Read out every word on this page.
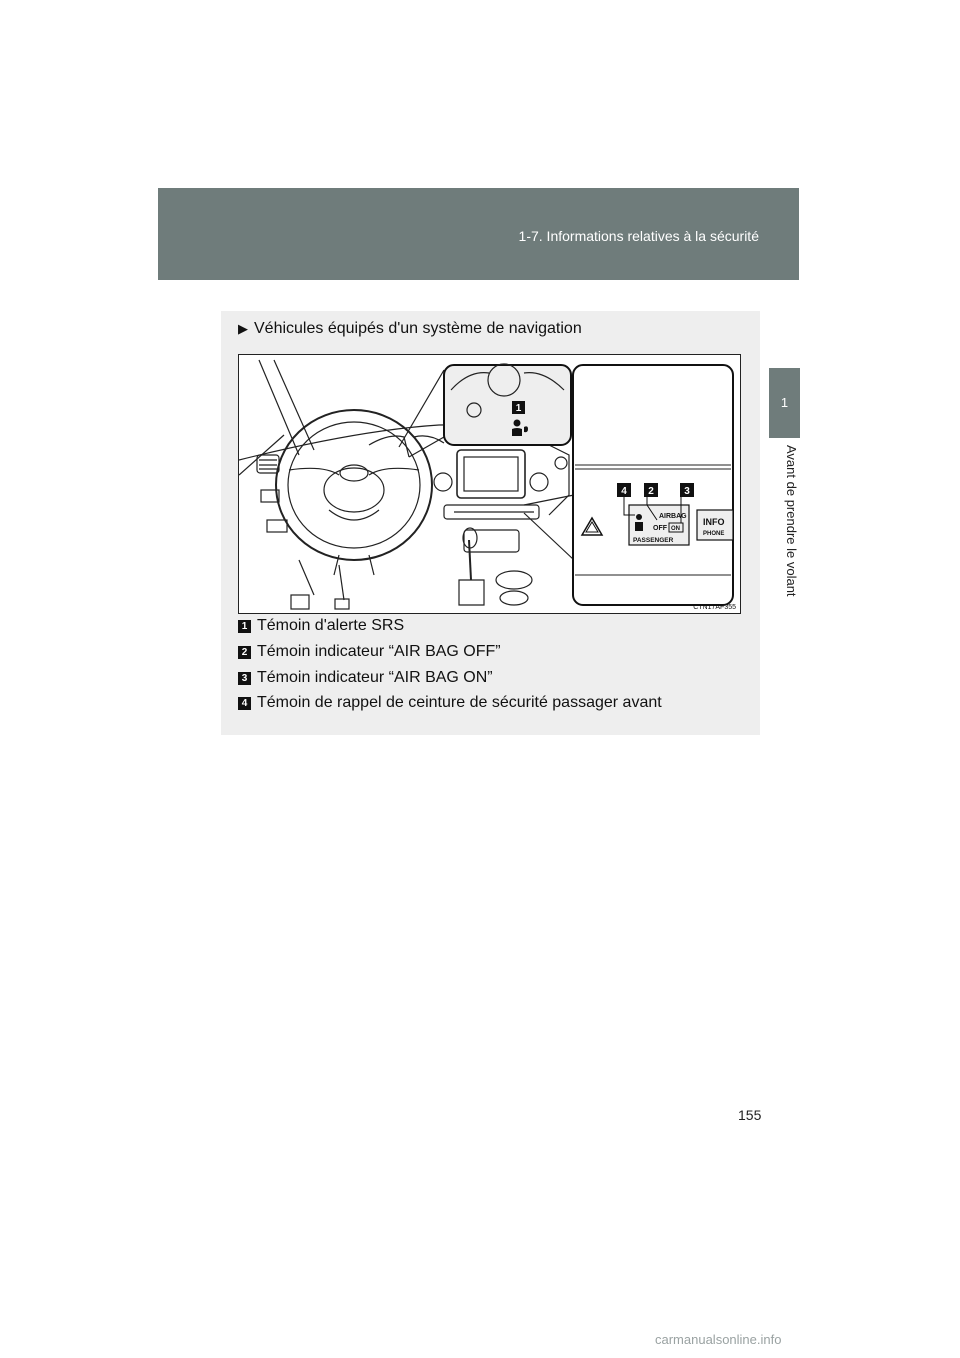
1-7. Informations relatives à la sécurité
1
Avant de prendre le volant
▶ Véhicules équipés d'un système de navigation
AIRBAG
OFF ON
PASSENGER
INFO
PHONE
1
4 2	3
CTN17AF355
1 Témoin d'alerte SRS
2 Témoin indicateur “AIR BAG OFF”
3 Témoin indicateur “AIR BAG ON”
4 Témoin de rappel de ceinture de sécurité passager avant
155
carmanualsonline.info
